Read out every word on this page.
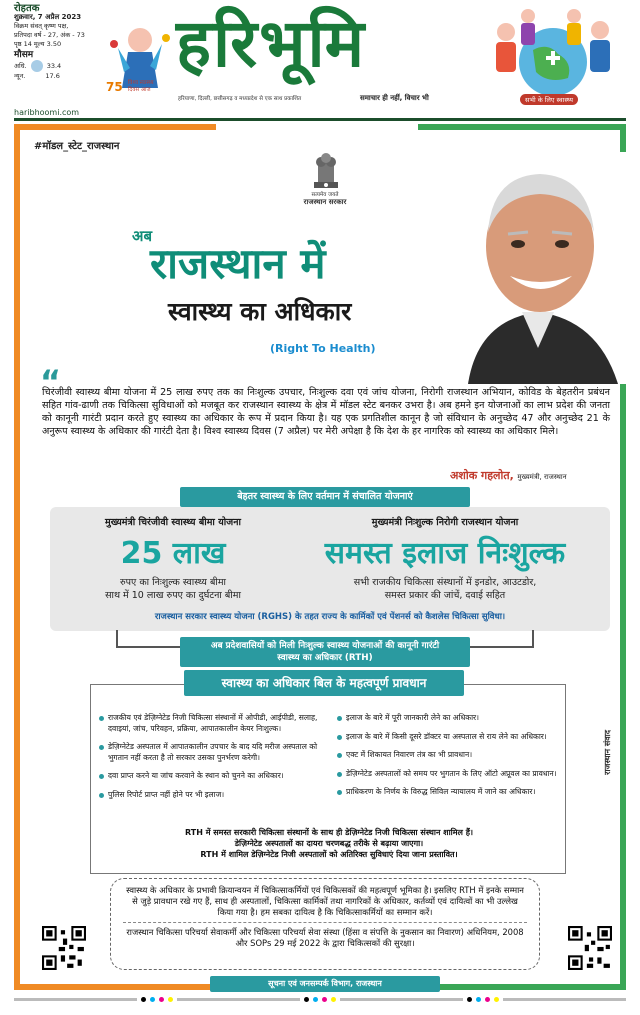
रोहतक
शुक्रवार, 7 अप्रैल 2023
विक्रम संवत् कृष्ण पक्ष,
प्रतिपदा वर्ष - 27, अंक - 73
पृष्ठ 14 मूल्य 3.50
मौसम
अधि.	33.4
न्यून.	17.6
haribhoomi.com
75 विश्व स्वास्थ्य दिवस आज
हरिभूमि
हरियाणा, दिल्ली, छत्तीसगढ़ व मध्यप्रदेश से एक साथ प्रकाशित	समाचार ही नहीं, विचार भी	सभी के लिए स्वास्थ्य
#मॉडल_स्टेट_राजस्थान
सत्यमेव जयते
राजस्थान सरकार
अब
राजस्थान में
स्वास्थ्य का अधिकार
(Right To Health)
“
चिरंजीवी स्वास्थ्य बीमा योजना में 25 लाख रुपए तक का निःशुल्क उपचार, निःशुल्क दवा एवं जांच योजना, निरोगी राजस्थान अभियान, कोविड के बेहतरीन प्रबंधन सहित गांव-ढाणी तक चिकित्सा सुविधाओं को मजबूत कर राजस्थान स्वास्थ्य के क्षेत्र में मॉडल स्टेट बनकर उभरा है। अब हमने इन योजनाओं का लाभ प्रदेश की जनता को कानूनी गारंटी प्रदान करते हुए स्वास्थ्य का अधिकार के रूप में प्रदान किया है। यह एक प्रगतिशील कानून है जो संविधान के अनुच्छेद 47 और अनुच्छेद 21 के अनुरूप स्वास्थ्य के अधिकार की गारंटी देता है। विश्व स्वास्थ्य दिवस (7 अप्रैल) पर मेरी अपेक्षा है कि देश के हर नागरिक को स्वास्थ्य का अधिकार मिले।
अशोक गहलोत, मुख्यमंत्री, राजस्थान
बेहतर स्वास्थ्य के लिए वर्तमान में संचालित योजनाएं
मुख्यमंत्री चिरंजीवी स्वास्थ्य बीमा योजना
25 लाख
रुपए का निःशुल्क स्वास्थ्य बीमा
साथ में 10 लाख रुपए का दुर्घटना बीमा
मुख्यमंत्री निःशुल्क निरोगी राजस्थान योजना
समस्त इलाज निःशुल्क
सभी राजकीय चिकित्सा संस्थानों में इनडोर, आउटडोर,
समस्त प्रकार की जांचें, दवाई सहित
राजस्थान सरकार स्वास्थ्य योजना (RGHS) के तहत राज्य के कार्मिकों एवं पेंशनर्स को कैशलेस चिकित्सा सुविधा।
अब प्रदेशवासियों को मिली निःशुल्क स्वास्थ्य योजनाओं की कानूनी गारंटी
स्वास्थ्य का अधिकार (RTH)
राजकीय एवं डेज़िग्नेटेड निजी चिकित्सा संस्थानों में ओपीडी, आईपीडी, सलाह, दवाइयां, जांच, परिवहन, प्रक्रिया, आपातकालीन केयर निःशुल्क।
डेज़िग्नेटेड अस्पताल में आपातकालीन उपचार के बाद यदि मरीज अस्पताल को भुगतान नहीं करता है तो सरकार उसका पुनर्भरण करेगी।
दवा प्राप्त करने या जांच करवाने के स्थान को चुनने का अधिकार।
पुलिस रिपोर्ट प्राप्त नहीं होने पर भी इलाज।
इलाज के बारे में पूरी जानकारी लेने का अधिकार।
इलाज के बारे में किसी दूसरे डॉक्टर या अस्पताल से राय लेने का अधिकार।
एक्ट में शिकायत निवारण तंत्र का भी प्रावधान।
डेज़िग्नेटेड अस्पतालों को समय पर भुगतान के लिए ऑटो अप्रूवल का प्रावधान।
प्राधिकरण के निर्णय के विरुद्ध सिविल न्यायालय में जाने का अधिकार।
RTH में समस्त सरकारी चिकित्सा संस्थानों के साथ ही डेज़िग्नेटेड निजी चिकित्सा संस्थान शामिल हैं।
डेज़िग्नेटेड अस्पतालों का दायरा चरणबद्ध तरीके से बढ़ाया जाएगा।
RTH में शामिल डेज़िग्नेटेड निजी अस्पतालों को अतिरिक्त सुविधाएं दिया जाना प्रस्तावित।
स्वास्थ्य का अधिकार बिल के महत्वपूर्ण प्रावधान
राजस्थान संवाद
स्वास्थ्य के अधिकार के प्रभावी क्रियान्वयन में चिकित्साकर्मियों एवं चिकित्सकों की महत्वपूर्ण भूमिका है। इसलिए RTH में इनके सम्मान से जुड़े प्रावधान रखे गए हैं, साथ ही अस्पतालों, चिकित्सा कार्मिकों तथा नागरिकों के अधिकार, कर्तव्यों एवं दायित्वों का भी उल्लेख किया गया है। हम सबका दायित्व है कि चिकित्साकर्मियों का सम्मान करें।
राजस्थान चिकित्सा परिचर्या सेवाकर्मी और चिकित्सा परिचर्या सेवा संस्था (हिंसा व संपत्ति के नुकसान का निवारण) अधिनियम, 2008 और SOPs 29 मई 2022 के द्वारा चिकित्सकों की सुरक्षा।
सूचना एवं जनसम्पर्क विभाग, राजस्थान
